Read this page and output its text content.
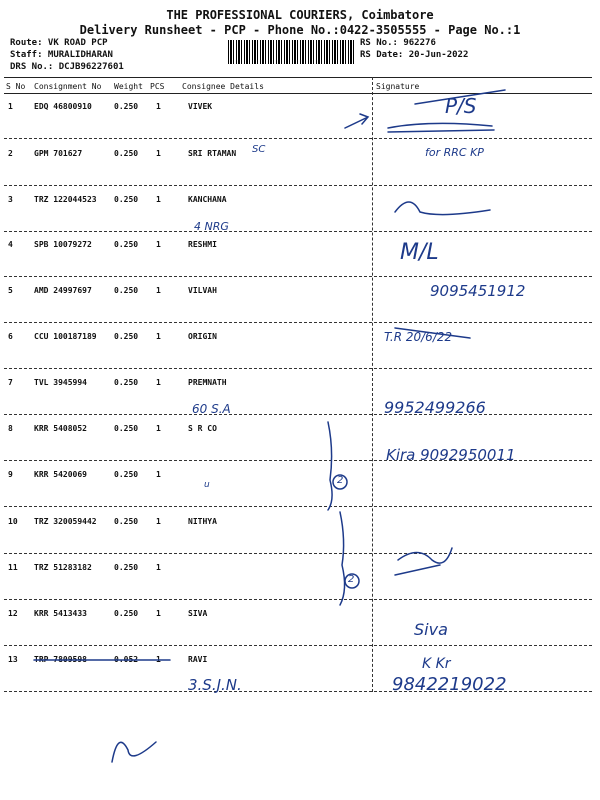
THE PROFESSIONAL COURIERS, Coimbatore
Delivery Runsheet - PCP - Phone No.:0422-3505555 - Page No.:1
Route: VK ROAD PCP
Staff: MURALIDHARAN
DRS No.: DCJB96227601
RS No.: 962276
RS Date: 20-Jun-2022
S No Consignment No Weight PCS Consignee Details	Signature
1	EDQ 46800910	0.250 1	VIVEK
2	GPM 701627	0.250 1	SRI RTAMAN
3	TRZ 122044523 0.250 1	KANCHANA
4	SPB 10079272	0.250 1	RESHMI
5	AMD 24997697	0.250 1	VILVAH
6	CCU 100187189 0.250 1	ORIGIN
7	TVL 3945994	0.250 1	PREMNATH
8	KRR 5408052	0.250 1	S R CO
9	KRR 5420069	0.250 1
10 TRZ 320059442 0.250 1	NITHYA
11 TRZ 51283182	0.250 1
12 KRR 5413433	0.250 1	SIVA
13 TRP 7809598	0.052 1	RAVI
P/S
SC	for RRC KP
4 NRG
M/L
9095451912
T.R 20/6/22
60 S.A	9952499266
Kira 9092950011
u	2
2
Siva
3.S.J.N.
K Kr
9842219022
